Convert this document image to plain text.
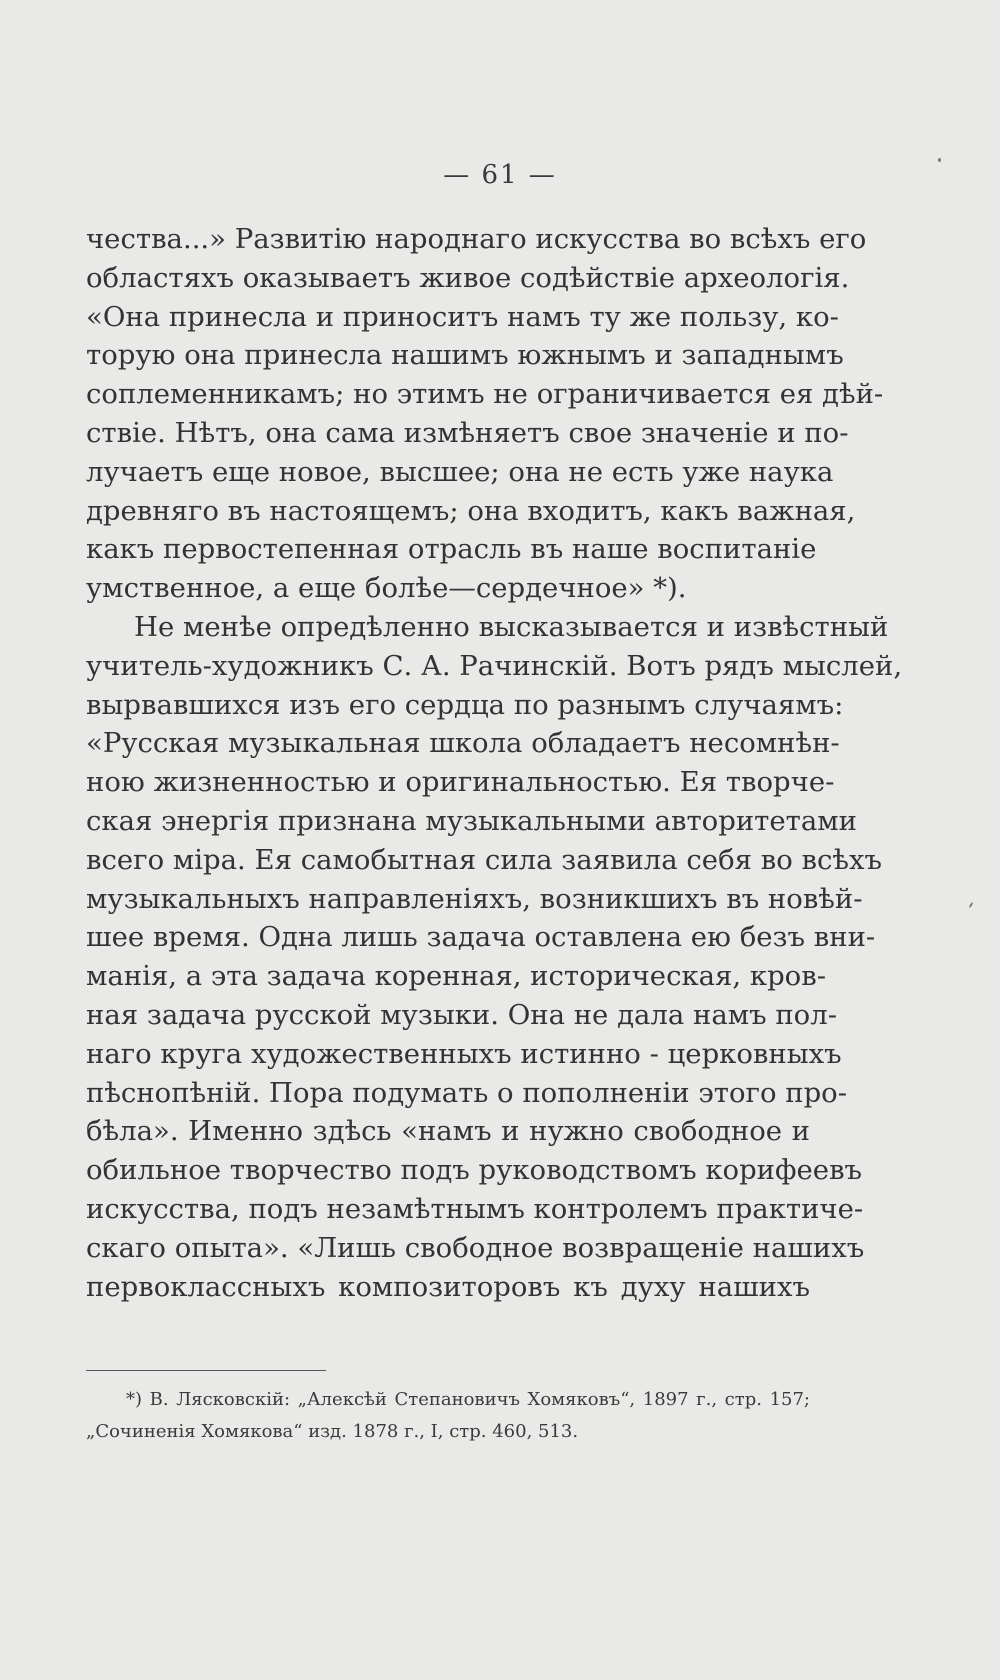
— 61 —
чества...» Развитію народнаго искусства во всѣхъ его
областяхъ оказываетъ живое содѣйствіе археологія.
«Она принесла и приноситъ намъ ту же пользу, ко-
торую она принесла нашимъ южнымъ и западнымъ
соплеменникамъ; но этимъ не ограничивается ея дѣй-
ствіе. Нѣтъ, она сама измѣняетъ свое значеніе и по-
лучаетъ еще новое, высшее; она не есть уже наука
древняго въ настоящемъ; она входитъ, какъ важная,
какъ первостепенная отрасль въ наше воспитаніе
умственное, а еще болѣе—сердечное» *).
Не менѣе опредѣленно высказывается и извѣстный
учитель-художникъ С. А. Рачинскій. Вотъ рядъ мыслей,
вырвавшихся изъ его сердца по разнымъ случаямъ:
«Русская музыкальная школа обладаетъ несомнѣн-
ною жизненностью и оригинальностью. Ея творче-
ская энергія признана музыкальными авторитетами
всего міра. Ея самобытная сила заявила себя во всѣхъ
музыкальныхъ направленіяхъ, возникшихъ въ новѣй-
шее время. Одна лишь задача оставлена ею безъ вни-
манія, а эта задача коренная, историческая, кров-
ная задача русской музыки. Она не дала намъ пол-
наго круга художественныхъ истинно - церковныхъ
пѣснопѣній. Пора подумать о пополненіи этого про-
бѣла». Именно здѣсь «намъ и нужно свободное и
обильное творчество подъ руководствомъ корифеевъ
искусства, подъ незамѣтнымъ контролемъ практиче-
скаго опыта». «Лишь свободное возвращеніе нашихъ
первоклассныхъ композиторовъ къ духу нашихъ
*) В. Лясковскій: „Алексѣй Степановичъ Хомяковъ“, 1897 г., стр. 157;
„Сочиненія Хомякова“ изд. 1878 г., I, стр. 460, 513.
